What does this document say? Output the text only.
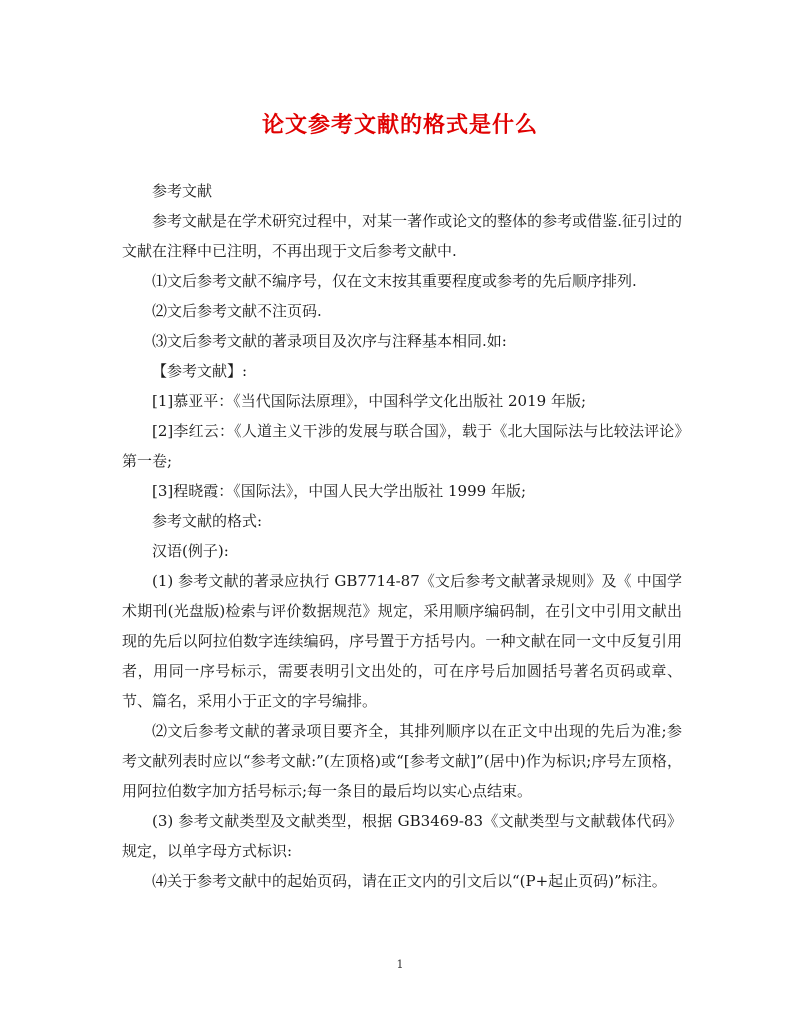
论文参考文献的格式是什么

参考文献

参考文献是在学术研究过程中，对某一著作或论文的整体的参考或借鉴.征引过的文献在注释中已注明，不再出现于文后参考文献中.

⑴文后参考文献不编序号，仅在文末按其重要程度或参考的先后顺序排列.

⑵文后参考文献不注页码.

⑶文后参考文献的著录项目及次序与注释基本相同.如:

【参考文献】:

[1]慕亚平：《当代国际法原理》，中国科学文化出版社 2019 年版;

[2]李红云：《人道主义干涉的发展与联合国》，载于《北大国际法与比较法评论》第一卷;

[3]程晓霞：《国际法》，中国人民大学出版社 1999 年版;

参考文献的格式:

汉语(例子):

(1) 参考文献的著录应执行 GB7714-87《文后参考文献著录规则》及《 中国学术期刊(光盘版)检索与评价数据规范》规定，采用顺序编码制，在引文中引用文献出现的先后以阿拉伯数字连续编码，序号置于方括号内。一种文献在同一文中反复引用者，用同一序号标示，需要表明引文出处的，可在序号后加圆括号著名页码或章、节、篇名，采用小于正文的字号编排。

⑵文后参考文献的著录项目要齐全，其排列顺序以在正文中出现的先后为准;参考文献列表时应以“参考文献:”(左顶格)或“[参考文献]”(居中)作为标识;序号左顶格，用阿拉伯数字加方括号标示;每一条目的最后均以实心点结束。

(3) 参考文献类型及文献类型，根据 GB3469-83《文献类型与文献载体代码》规定，以单字母方式标识:

⑷关于参考文献中的起始页码，请在正文内的引文后以“(P+起止页码)”标注。

1
